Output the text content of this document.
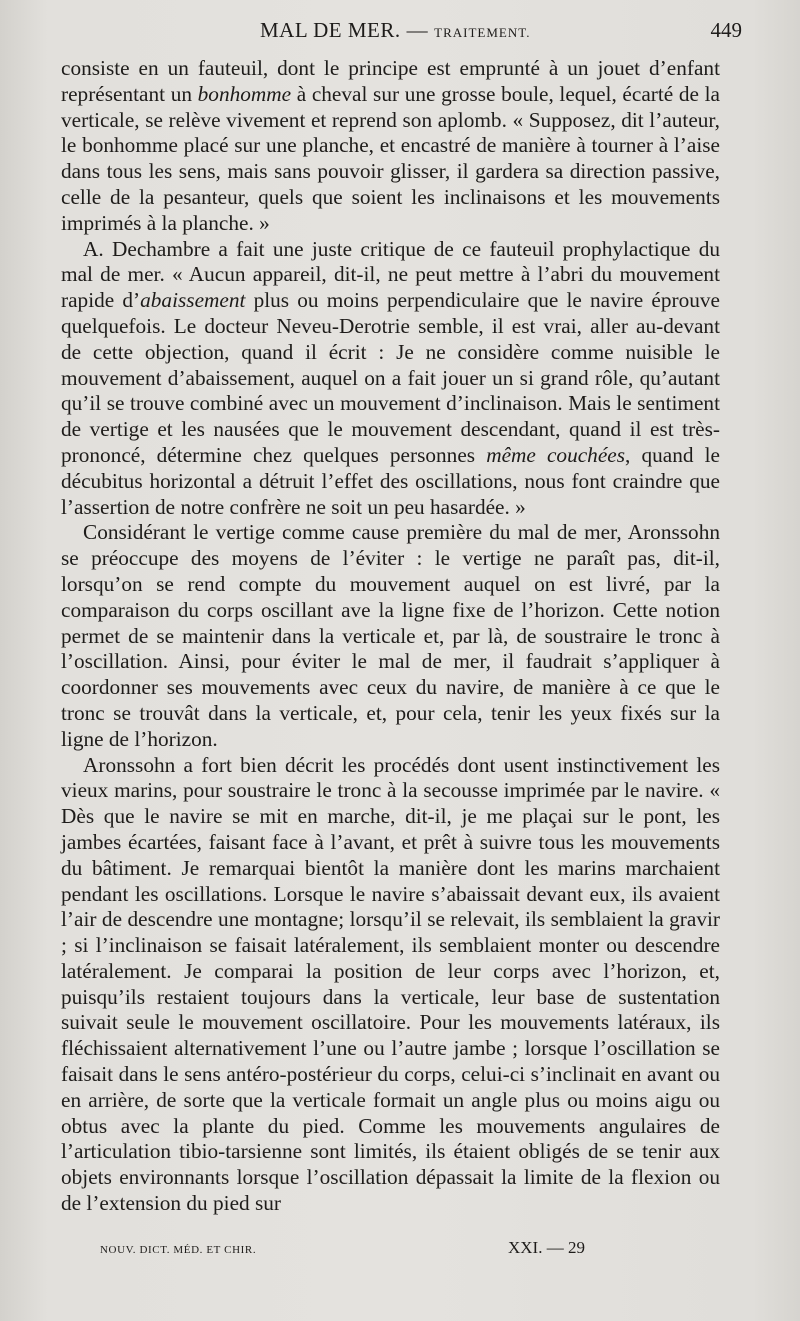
MAL DE MER. — TRAITEMENT.	449

consiste en un fauteuil, dont le principe est emprunté à un jouet d’enfant représentant un bonhomme à cheval sur une grosse boule, lequel, écarté de la verticale, se relève vivement et reprend son aplomb. « Supposez, dit l’auteur, le bonhomme placé sur une planche, et encastré de manière à tourner à l’aise dans tous les sens, mais sans pouvoir glisser, il gardera sa direction passive, celle de la pesanteur, quels que soient les inclinaisons et les mouvements imprimés à la planche. »

A. Dechambre a fait une juste critique de ce fauteuil prophylactique du mal de mer. « Aucun appareil, dit-il, ne peut mettre à l’abri du mouvement rapide d’abaissement plus ou moins perpendiculaire que le navire éprouve quelquefois. Le docteur Neveu-Derotrie semble, il est vrai, aller au-devant de cette objection, quand il écrit : Je ne considère comme nuisible le mouvement d’abaissement, auquel on a fait jouer un si grand rôle, qu’autant qu’il se trouve combiné avec un mouvement d’inclinaison. Mais le sentiment de vertige et les nausées que le mouvement descendant, quand il est très-prononcé, détermine chez quelques personnes même couchées, quand le décubitus horizontal a détruit l’effet des oscillations, nous font craindre que l’assertion de notre confrère ne soit un peu hasardée. »

Considérant le vertige comme cause première du mal de mer, Aronssohn se préoccupe des moyens de l’éviter : le vertige ne paraît pas, dit-il, lorsqu’on se rend compte du mouvement auquel on est livré, par la comparaison du corps oscillant ave la ligne fixe de l’horizon. Cette notion permet de se maintenir dans la verticale et, par là, de soustraire le tronc à l’oscillation. Ainsi, pour éviter le mal de mer, il faudrait s’appliquer à coordonner ses mouvements avec ceux du navire, de manière à ce que le tronc se trouvât dans la verticale, et, pour cela, tenir les yeux fixés sur la ligne de l’horizon.

Aronssohn a fort bien décrit les procédés dont usent instinctivement les vieux marins, pour soustraire le tronc à la secousse imprimée par le navire. « Dès que le navire se mit en marche, dit-il, je me plaçai sur le pont, les jambes écartées, faisant face à l’avant, et prêt à suivre tous les mouvements du bâtiment. Je remarquai bientôt la manière dont les marins marchaient pendant les oscillations. Lorsque le navire s’abaissait devant eux, ils avaient l’air de descendre une montagne; lorsqu’il se relevait, ils semblaient la gravir ; si l’inclinaison se faisait latéralement, ils semblaient monter ou descendre latéralement. Je comparai la position de leur corps avec l’horizon, et, puisqu’ils restaient toujours dans la verticale, leur base de sustentation suivait seule le mouvement oscillatoire. Pour les mouvements latéraux, ils fléchissaient alternativement l’une ou l’autre jambe ; lorsque l’oscillation se faisait dans le sens antéro-postérieur du corps, celui-ci s’inclinait en avant ou en arrière, de sorte que la verticale formait un angle plus ou moins aigu ou obtus avec la plante du pied. Comme les mouvements angulaires de l’articulation tibio-tarsienne sont limités, ils étaient obligés de se tenir aux objets environnants lorsque l’oscillation dépassait la limite de la flexion ou de l’extension du pied sur

NOUV. DICT. MÉD. ET CHIR.	XXI. — 29
